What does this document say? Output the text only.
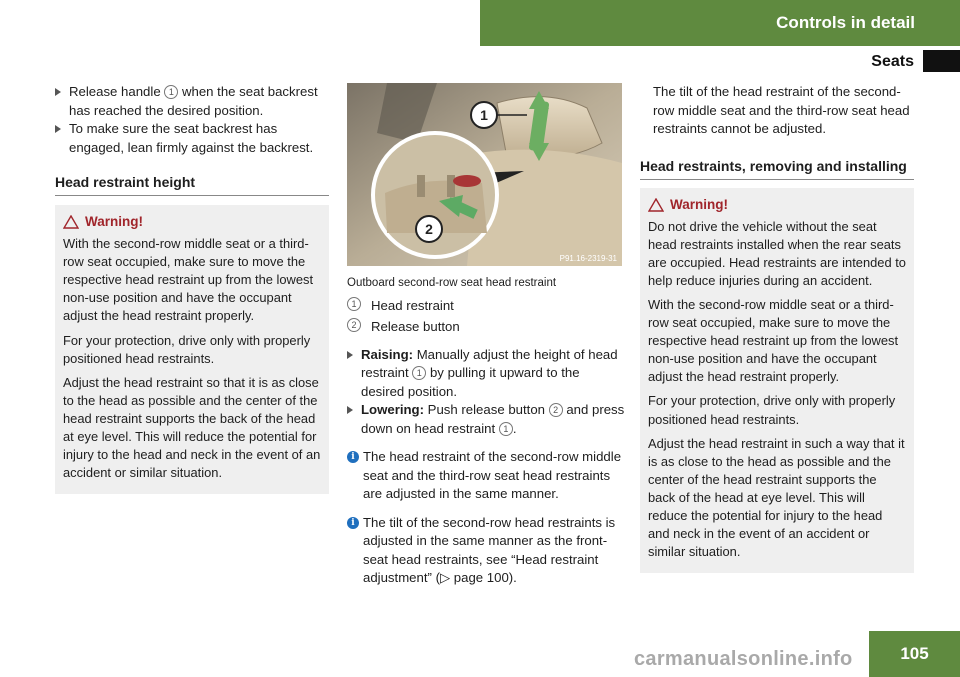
Controls in detail
Seats

Release handle 1 when the seat backrest has reached the desired position.

To make sure the seat backrest has engaged, lean firmly against the backrest.

Head restraint height
Warning!

With the second-row middle seat or a third-row seat occupied, make sure to move the respective head restraint up from the lowest non-use position and have the occupant adjust the head restraint properly.

For your protection, drive only with properly positioned head restraints.

Adjust the head restraint so that it is as close to the head as possible and the center of the head restraint supports the back of the head at eye level. This will reduce the potential for injury to the head and neck in the event of an accident or similar situation.

1
2
P91.16-2319-31

Outboard second-row seat head restraint

1	Head restraint

2	Release button

Raising: Manually adjust the height of head restraint 1 by pulling it upward to the desired position.

Lowering: Push release button 2 and press down on head restraint 1 .

i The head restraint of the second-row middle seat and the third-row seat head restraints are adjusted in the same manner.

i The tilt of the second-row head restraints is adjusted in the same manner as the front-seat head restraints, see “Head restraint adjustment” (▷ page 100).

The tilt of the head restraint of the second-row middle seat and the third-row seat head restraints cannot be adjusted.

Head restraints, removing and installing
Warning!

Do not drive the vehicle without the seat head restraints installed when the rear seats are occupied. Head restraints are intended to help reduce injuries during an accident.

With the second-row middle seat or a third-row seat occupied, make sure to move the respective head restraint up from the lowest non-use position and have the occupant adjust the head restraint properly.

For your protection, drive only with properly positioned head restraints.

Adjust the head restraint in such a way that it is as close to the head as possible and the center of the head restraint supports the back of the head at eye level. This will reduce the potential for injury to the head and neck in the event of an accident or similar situation.

carmanualsonline.info	105
